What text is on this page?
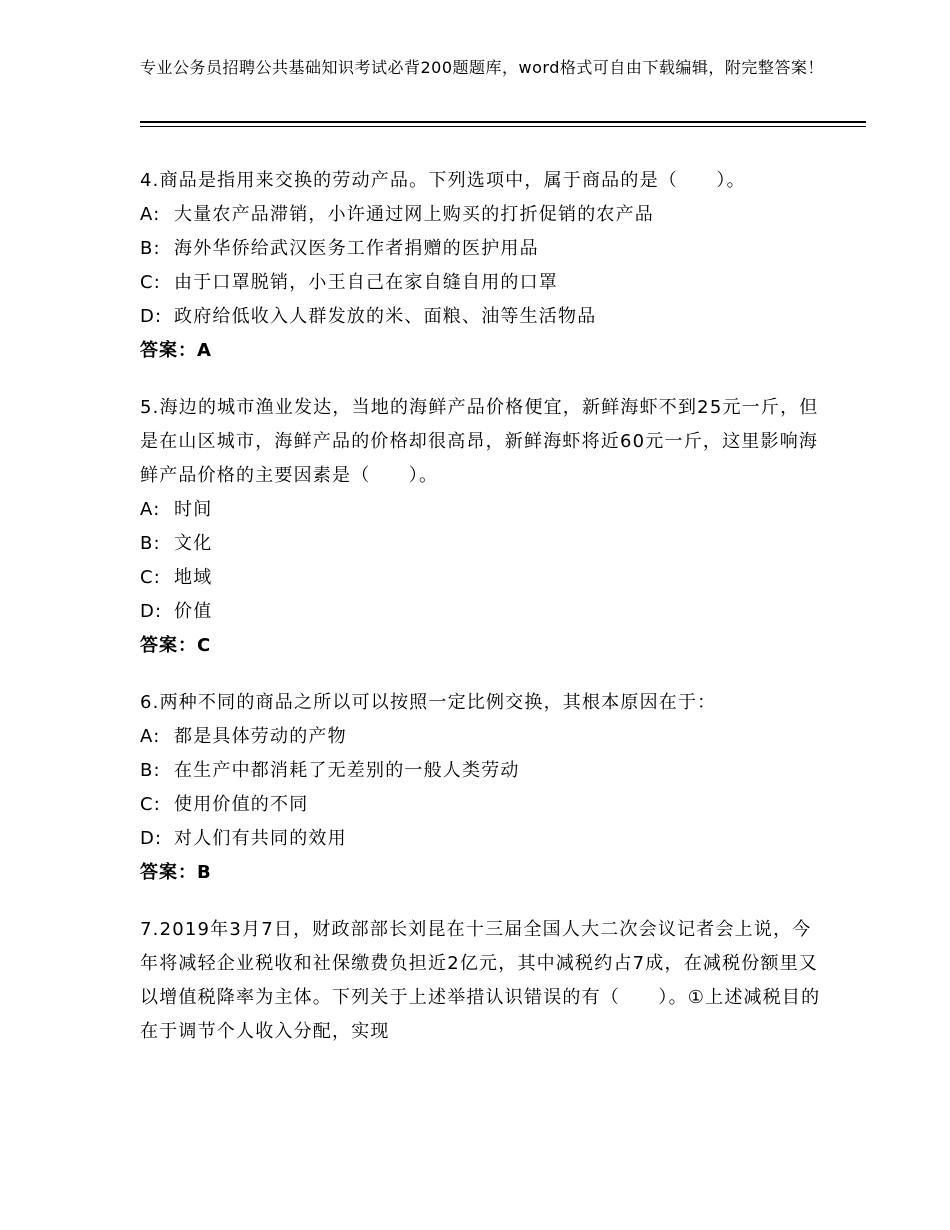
专业公务员招聘公共基础知识考试必背200题题库，word格式可自由下载编辑，附完整答案！
4.商品是指用来交换的劳动产品。下列选项中，属于商品的是（　　）。
A: 大量农产品滞销，小许通过网上购买的打折促销的农产品
B: 海外华侨给武汉医务工作者捐赠的医护用品
C: 由于口罩脱销，小王自己在家自缝自用的口罩
D: 政府给低收入人群发放的米、面粮、油等生活物品
答案：A
5.海边的城市渔业发达，当地的海鲜产品价格便宜，新鲜海虾不到25元一斤，但是在山区城市，海鲜产品的价格却很高昂，新鲜海虾将近60元一斤，这里影响海鲜产品价格的主要因素是（　　）。
A: 时间
B: 文化
C: 地域
D: 价值
答案：C
6.两种不同的商品之所以可以按照一定比例交换，其根本原因在于：
A: 都是具体劳动的产物
B: 在生产中都消耗了无差别的一般人类劳动
C: 使用价值的不同
D: 对人们有共同的效用
答案：B
7.2019年3月7日，财政部部长刘昆在十三届全国人大二次会议记者会上说，今年将减轻企业税收和社保缴费负担近2亿元，其中减税约占7成，在减税份额里又以增值税降率为主体。下列关于上述举措认识错误的有（　　）。①上述减税目的在于调节个人收入分配，实现
